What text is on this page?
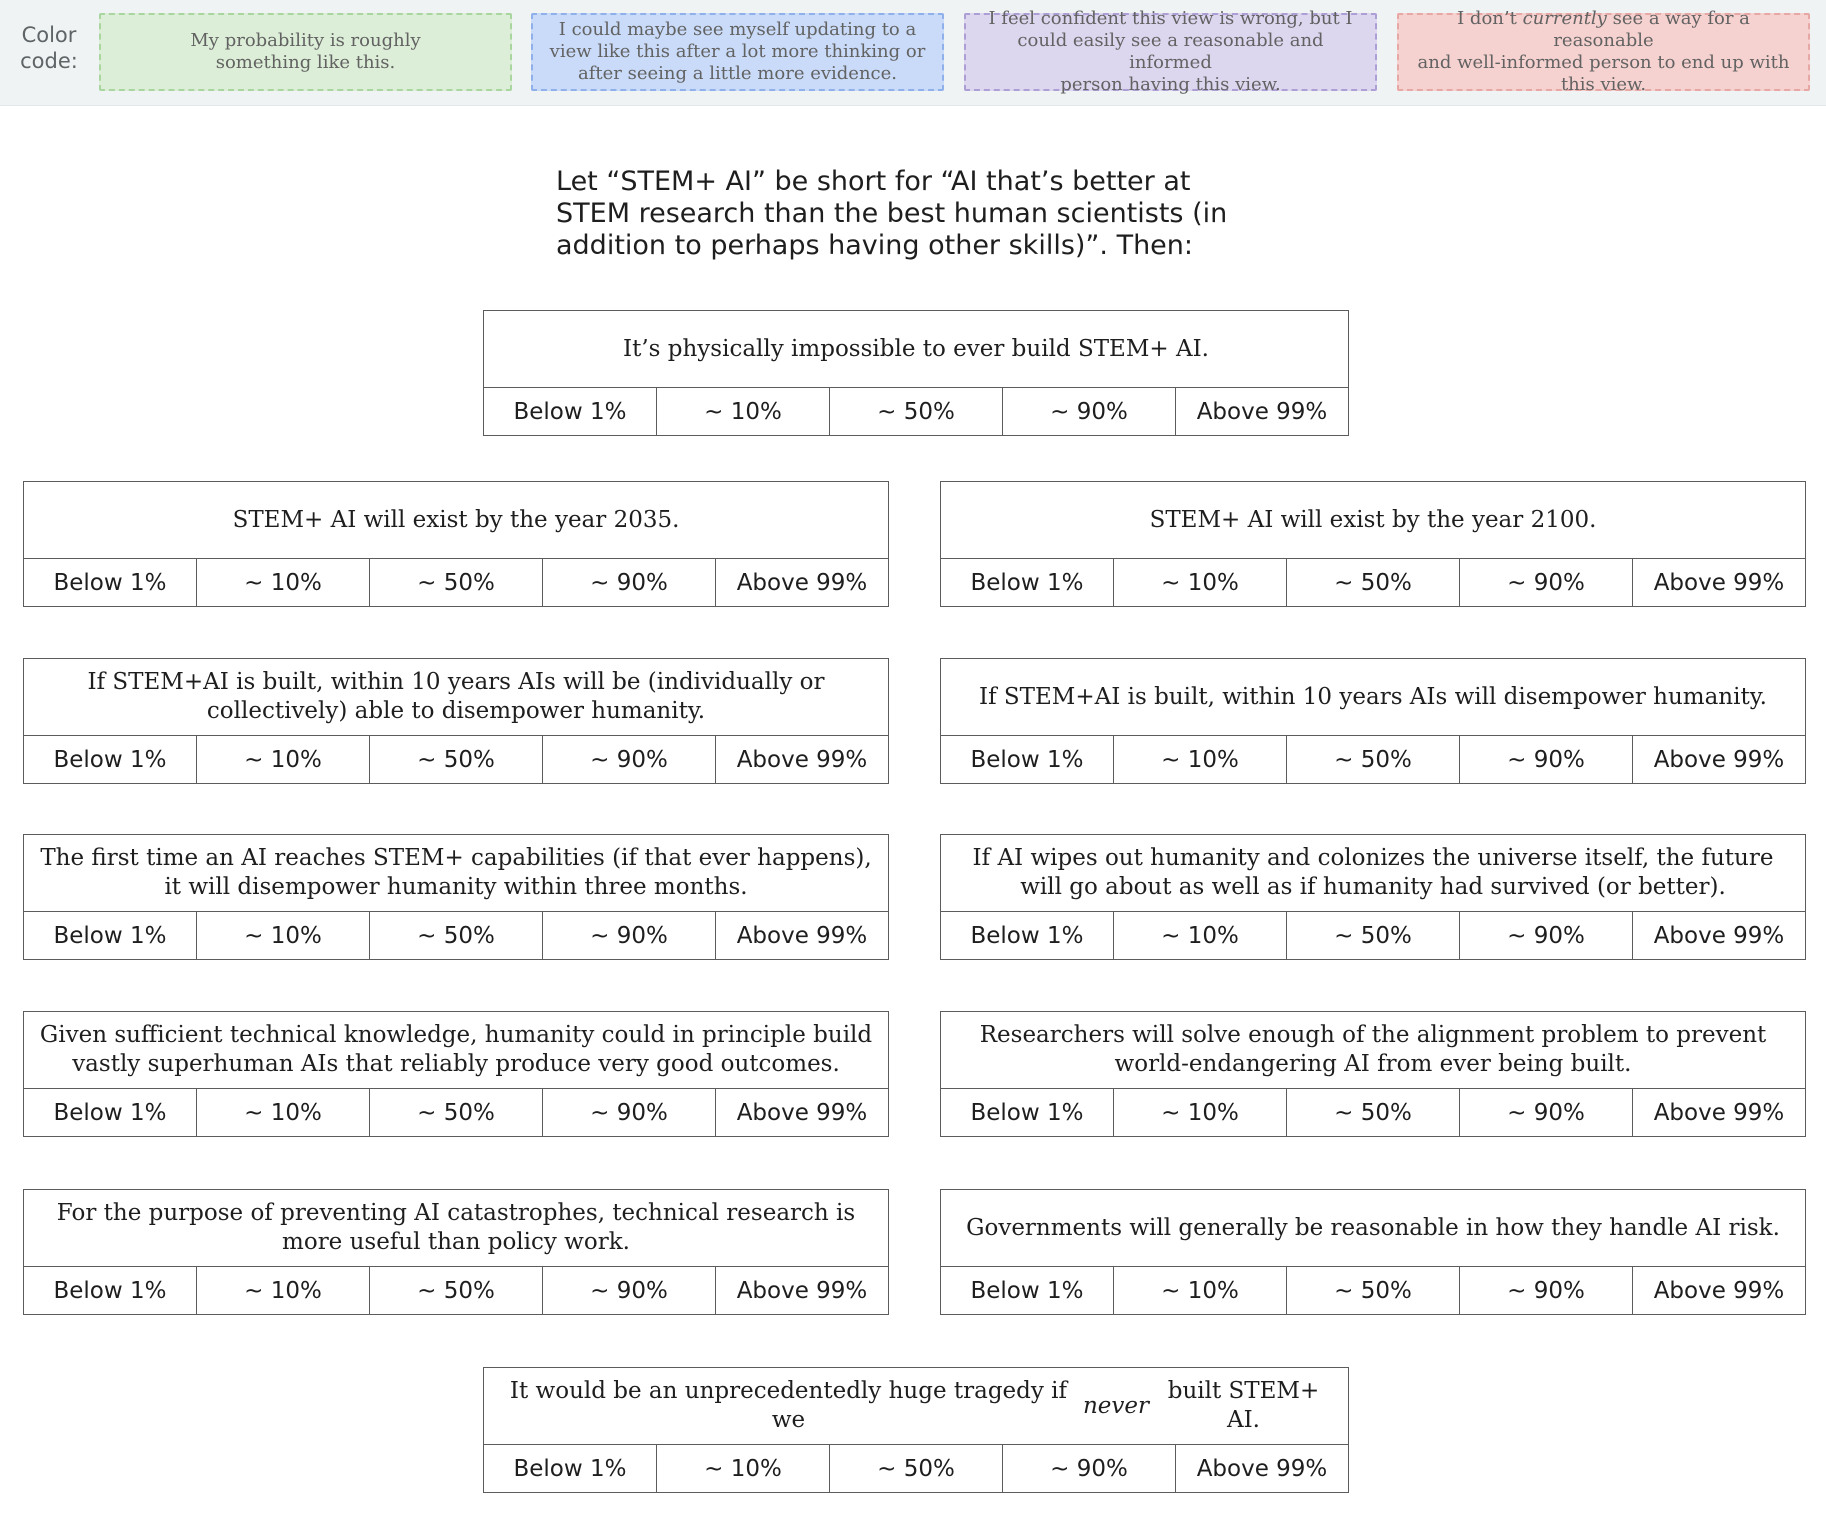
Color code:
My probability is roughly
something like this.
I could maybe see myself updating to a
view like this after a lot more thinking or
after seeing a little more evidence.
I feel confident this view is wrong, but I
could easily see a reasonable and informed
person having this view.
I don’t currently see a way for a reasonable
and well-informed person to end up with
this view.
Let “STEM+ AI” be short for “AI that’s better at STEM research than the best human scientists (in addition to perhaps having other skills)”. Then:
It’s physically impossible to ever build STEM+ AI.
Below 1%	~ 10%	~ 50%	~ 90%	Above 99%
STEM+ AI will exist by the year 2035.
Below 1%	~ 10%	~ 50%	~ 90%	Above 99%
STEM+ AI will exist by the year 2100.
Below 1%	~ 10%	~ 50%	~ 90%	Above 99%
If STEM+AI is built, within 10 years AIs will be (individually or collectively) able to disempower humanity.
Below 1%	~ 10%	~ 50%	~ 90%	Above 99%
If STEM+AI is built, within 10 years AIs will disempower humanity.
Below 1%	~ 10%	~ 50%	~ 90%	Above 99%
The first time an AI reaches STEM+ capabilities (if that ever happens), it will disempower humanity within three months.
Below 1%	~ 10%	~ 50%	~ 90%	Above 99%
If AI wipes out humanity and colonizes the universe itself, the future will go about as well as if humanity had survived (or better).
Below 1%	~ 10%	~ 50%	~ 90%	Above 99%
Given sufficient technical knowledge, humanity could in principle build vastly superhuman AIs that reliably produce very good outcomes.
Below 1%	~ 10%	~ 50%	~ 90%	Above 99%
Researchers will solve enough of the alignment problem to prevent world-endangering AI from ever being built.
Below 1%	~ 10%	~ 50%	~ 90%	Above 99%
For the purpose of preventing AI catastrophes, technical research is more useful than policy work.
Below 1%	~ 10%	~ 50%	~ 90%	Above 99%
Governments will generally be reasonable in how they handle AI risk.
Below 1%	~ 10%	~ 50%	~ 90%	Above 99%
It would be an unprecedentedly huge tragedy if we
never
built STEM+ AI.
Below 1%	~ 10%	~ 50%	~ 90%	Above 99%
